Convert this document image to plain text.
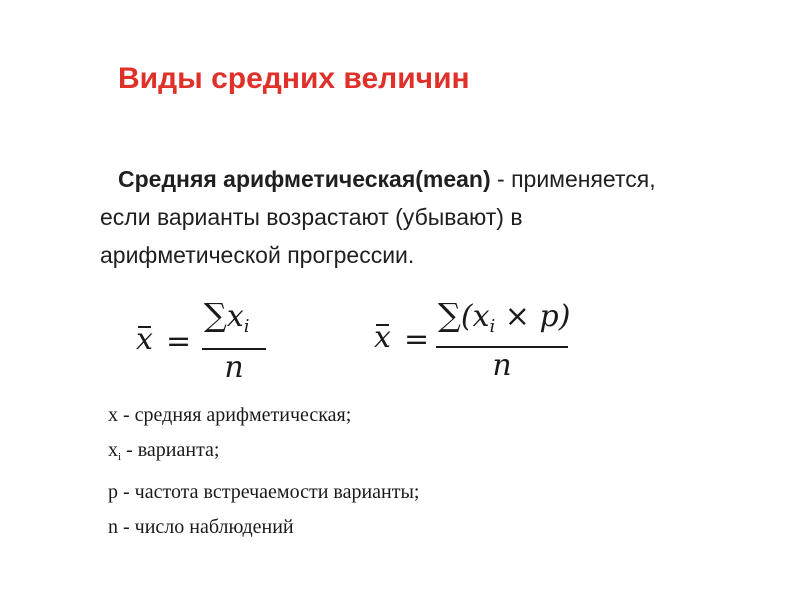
Виды средних величин
Средняя арифметическая(mean) - применяется,
если варианты возрастают (убывают) в
арифметической прогрессии.
x =
$\sum x_i$
n
x =
$\sum(x_i \times p)$
n
x - средняя арифметическая;
$x_i$ - варианта;
p - частота встречаемости варианты;
n - число наблюдений
